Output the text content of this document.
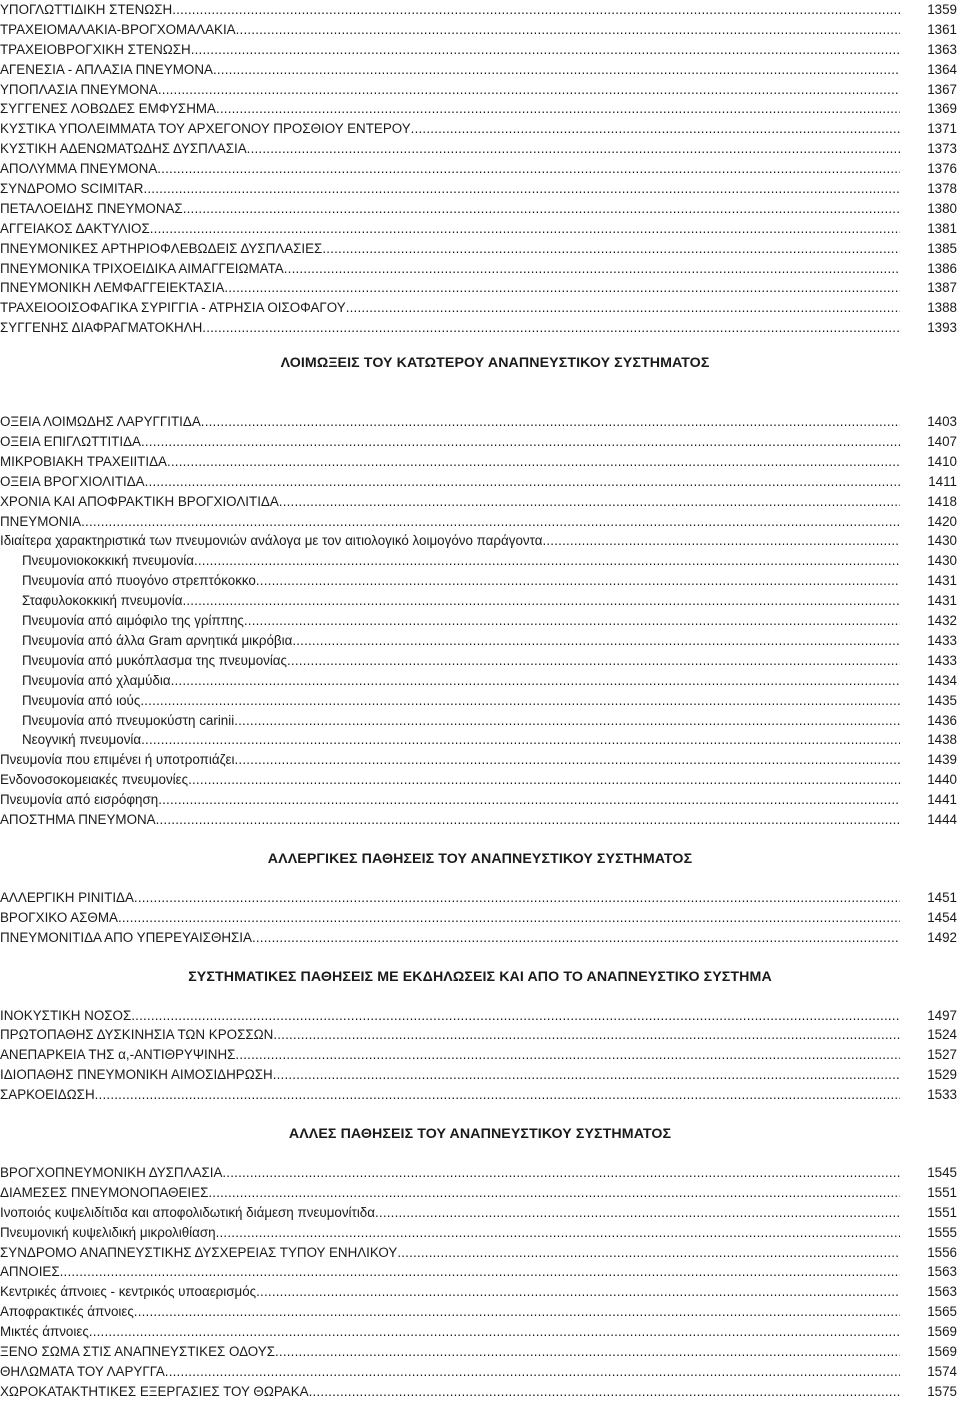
ΥΠΟΓΛΩΤΤΙΔΙΚΗ ΣΤΕΝΩΣΗ .....	1359
ΤΡΑΧΕΙΟΜΑΛΑΚΙΑ-ΒΡΟΓΧΟΜΑΛΑΚΙΑ .....	1361
ΤΡΑΧΕΙΟΒΡΟΓΧΙΚΗ ΣΤΕΝΩΣΗ .....	1363
ΑΓΕΝΕΣΙΑ - ΑΠΛΑΣΙΑ ΠΝΕΥΜΟΝΑ .....	1364
ΥΠΟΠΛΑΣΙΑ ΠΝΕΥΜΟΝΑ .....	1367
ΣΥΓΓΕΝΕΣ ΛΟΒΩΔΕΣ ΕΜΦΥΣΗΜΑ .....	1369
ΚΥΣΤΙΚΑ ΥΠΟΛΕΙΜΜΑΤΑ ΤΟΥ ΑΡΧΕΓΟΝΟΥ ΠΡΟΣΘΙΟΥ ΕΝΤΕΡΟΥ .....	1371
ΚΥΣΤΙΚΗ ΑΔΕΝΩΜΑΤΩΔΗΣ ΔΥΣΠΛΑΣΙΑ .....	1373
ΑΠΟΛΥΜΜΑ ΠΝΕΥΜΟΝΑ .....	1376
ΣΥΝΔΡΟΜΟ SCIMITAR .....	1378
ΠΕΤΑΛΟΕΙΔΗΣ ΠΝΕΥΜΟΝΑΣ .....	1380
ΑΓΓΕΙΑΚΟΣ ΔΑΚΤΥΛΙΟΣ .....	1381
ΠΝΕΥΜΟΝΙΚΕΣ ΑΡΤΗΡΙΟΦΛΕΒΩΔΕΙΣ ΔΥΣΠΛΑΣΙΕΣ .....	1385
ΠΝΕΥΜΟΝΙΚΑ ΤΡΙΧΟΕΙΔΙΚΑ ΑΙΜΑΓΓΕΙΩΜΑΤΑ .....	1386
ΠΝΕΥΜΟΝΙΚΗ ΛΕΜΦΑΓΓΕΙΕΚΤΑΣΙΑ .....	1387
ΤΡΑΧΕΙΟΟΙΣΟΦΑΓΙΚΑ ΣΥΡΙΓΓΙΑ - ΑΤΡΗΣΙΑ ΟΙΣΟΦΑΓΟΥ .....	1388
ΣΥΓΓΕΝΗΣ ΔΙΑΦΡΑΓΜΑΤΟΚΗΛΗ .....	1393
ΛΟΙΜΩΞΕΙΣ ΤΟΥ ΚΑΤΩΤΕΡΟΥ ΑΝΑΠΝΕΥΣΤΙΚΟΥ ΣΥΣΤΗΜΑΤΟΣ
ΟΞΕΙΑ ΛΟΙΜΩΔΗΣ ΛΑΡΥΓΓΙΤΙΔΑ .....	1403
ΟΞΕΙΑ ΕΠΙΓΛΩΤΤΙΤΙΔΑ .....	1407
ΜΙΚΡΟΒΙΑΚΗ ΤΡΑΧΕΙΙΤΙΔΑ .....	1410
ΟΞΕΙΑ ΒΡΟΓΧΙΟΛΙΤΙΔΑ .....	1411
ΧΡΟΝΙΑ ΚΑΙ ΑΠΟΦΡΑΚΤΙΚΗ ΒΡΟΓΧΙΟΛΙΤΙΔΑ .....	1418
ΠΝΕΥΜΟΝΙΑ .....	1420
Ιδιαίτερα χαρακτηριστικά των πνευμονιών ανάλογα με τον αιτιολογικό λοιμογόνο παράγοντα .....	1430
Πνευμονιοκοκκική πνευμονία .....	1430
Πνευμονία από πυογόνο στρεπτόκοκκο .....	1431
Σταφυλοκοκκική πνευμονία .....	1431
Πνευμονία από αιμόφιλο της γρίππης .....	1432
Πνευμονία από άλλα Gram αρνητικά μικρόβια .....	1433
Πνευμονία από μυκόπλασμα της πνευμονίας .....	1433
Πνευμονία από χλαμύδια .....	1434
Πνευμονία από ιούς .....	1435
Πνευμονία από πνευμοκύστη carinii .....	1436
Νεογνική πνευμονία .....	1438
Πνευμονία που επιμένει ή υποτροπιάζει .....	1439
Ενδονοσοκομειακές πνευμονίες .....	1440
Πνευμονία από εισρόφηση .....	1441
ΑΠΟΣΤΗΜΑ ΠΝΕΥΜΟΝΑ .....	1444
ΑΛΛΕΡΓΙΚΕΣ ΠΑΘΗΣΕΙΣ ΤΟΥ ΑΝΑΠΝΕΥΣΤΙΚΟΥ ΣΥΣΤΗΜΑΤΟΣ
ΑΛΛΕΡΓΙΚΗ ΡΙΝΙΤΙΔΑ .....	1451
ΒΡΟΓΧΙΚΟ ΑΣΘΜΑ .....	1454
ΠΝΕΥΜΟΝΙΤΙΔΑ ΑΠΟ ΥΠΕΡΕΥΑΙΣΘΗΣΙΑ .....	1492
ΣΥΣΤΗΜΑΤΙΚΕΣ ΠΑΘΗΣΕΙΣ ΜΕ ΕΚΔΗΛΩΣΕΙΣ ΚΑΙ ΑΠΟ ΤΟ ΑΝΑΠΝΕΥΣΤΙΚΟ ΣΥΣΤΗΜΑ
ΙΝΟΚΥΣΤΙΚΗ ΝΟΣΟΣ .....	1497
ΠΡΩΤΟΠΑΘΗΣ ΔΥΣΚΙΝΗΣΙΑ ΤΩΝ ΚΡΟΣΣΩΝ .....	1524
ΑΝΕΠΑΡΚΕΙΑ ΤΗΣ α,-ΑΝΤΙΘΡΥΨΙΝΗΣ .....	1527
ΙΔΙΟΠΑΘΗΣ ΠΝΕΥΜΟΝΙΚΗ ΑΙΜΟΣΙΔΗΡΩΣΗ .....	1529
ΣΑΡΚΟΕΙΔΩΣΗ .....	1533
ΑΛΛΕΣ ΠΑΘΗΣΕΙΣ ΤΟΥ ΑΝΑΠΝΕΥΣΤΙΚΟΥ ΣΥΣΤΗΜΑΤΟΣ
ΒΡΟΓΧΟΠΝΕΥΜΟΝΙΚΗ ΔΥΣΠΛΑΣΙΑ .....	1545
ΔΙΑΜΕΣΕΣ ΠΝΕΥΜΟΝΟΠΑΘΕΙΕΣ .....	1551
Ινοποιός κυψελιδίτιδα και αποφολιδωτική διάμεση πνευμονίτιδα .....	1551
Πνευμονική κυψελιδική μικρολιθίαση .....	1555
ΣΥΝΔΡΟΜΟ ΑΝΑΠΝΕΥΣΤΙΚΗΣ ΔΥΣΧΕΡΕΙΑΣ ΤΥΠΟΥ ΕΝΗΛΙΚΟΥ .....	1556
ΑΠΝΟΙΕΣ .....	1563
Κεντρικές άπνοιες - κεντρικός υποαερισμός .....	1563
Αποφρακτικές άπνοιες .....	1565
Μικτές άπνοιες .....	1569
ΞΕΝΟ ΣΩΜΑ ΣΤΙΣ ΑΝΑΠΝΕΥΣΤΙΚΕΣ ΟΔΟΥΣ .....	1569
ΘΗΛΩΜΑΤΑ ΤΟΥ ΛΑΡΥΓΓΑ .....	1574
ΧΩΡΟΚΑΤΑΚΤΗΤΙΚΕΣ ΕΞΕΡΓΑΣΙΕΣ ΤΟΥ ΘΩΡΑΚΑ .....	1575
